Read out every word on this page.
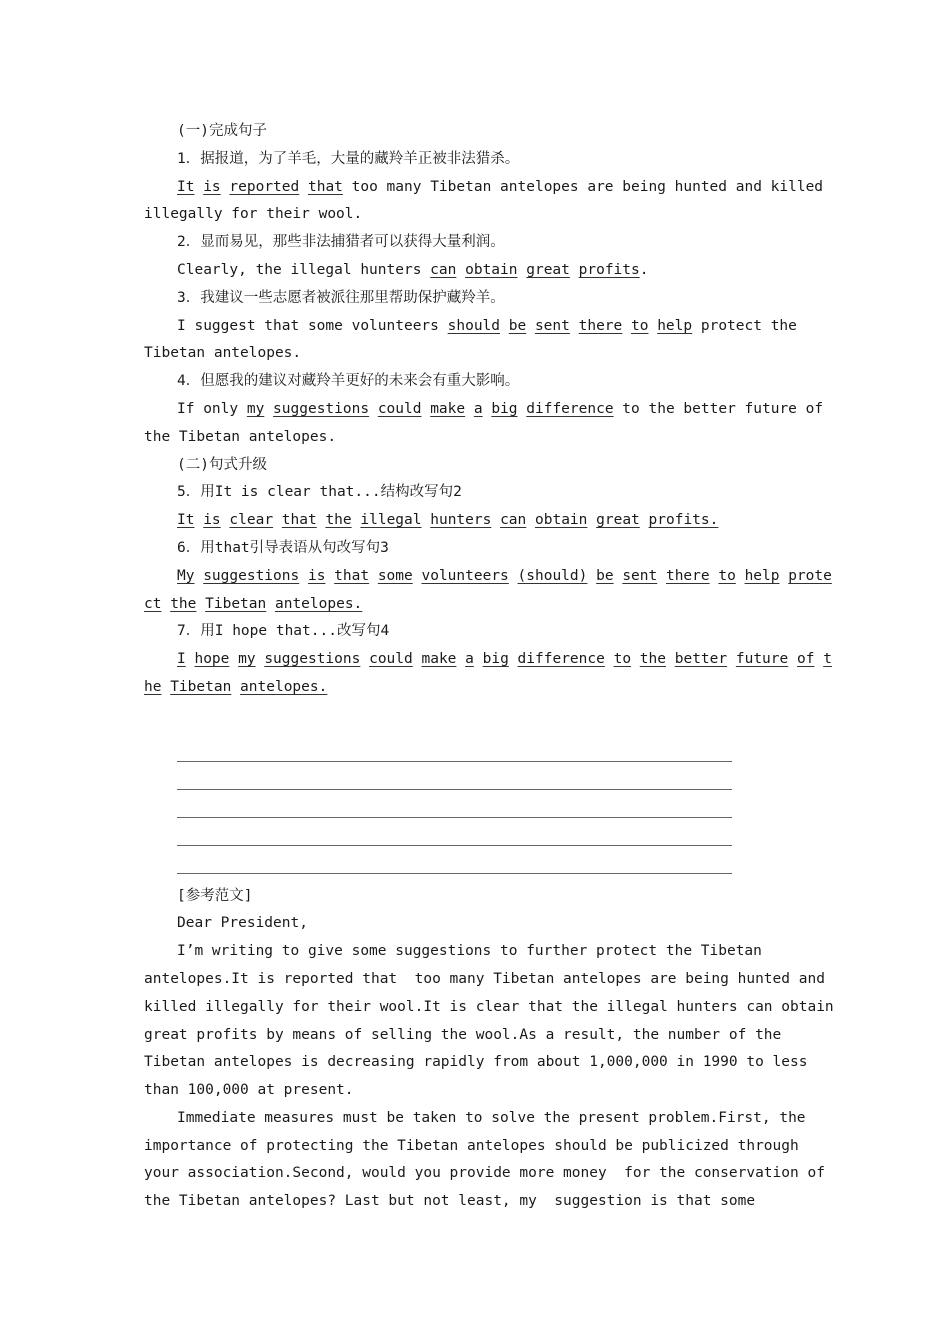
(一)完成句子
1．据报道，为了羊毛，大量的藏羚羊正被非法猎杀。
It is reported that too many Tibetan antelopes are being hunted and killed
illegally for their wool.
2．显而易见，那些非法捕猎者可以获得大量利润。
Clearly, the illegal hunters can obtain great profits.
3．我建议一些志愿者被派往那里帮助保护藏羚羊。
I suggest that some volunteers should be sent there to help protect the
Tibetan antelopes.
4．但愿我的建议对藏羚羊更好的未来会有重大影响。
If only my suggestions could make a big difference to the better future of
the Tibetan antelopes.
(二)句式升级
5．用It is clear that...结构改写句2
It is clear that the illegal hunters can obtain great profits.
6．用that引导表语从句改写句3
My suggestions is that some volunteers (should) be sent there to help prote
ct the Tibetan antelopes.
7．用I hope that...改写句4
I hope my suggestions could make a big difference to the better future of t
he Tibetan antelopes.
[参考范文]
Dear President,
I’m writing to give some suggestions to further protect the Tibetan
antelopes.It is reported that  too many Tibetan antelopes are being hunted and
killed illegally for their wool.It is clear that the illegal hunters can obtain
great profits by means of selling the wool.As a result, the number of the
Tibetan antelopes is decreasing rapidly from about 1,000,000 in 1990 to less
than 100,000 at present.
Immediate measures must be taken to solve the present problem.First, the
importance of protecting the Tibetan antelopes should be publicized through
your association.Second, would you provide more money  for the conservation of
the Tibetan antelopes? Last but not least, my  suggestion is that some
